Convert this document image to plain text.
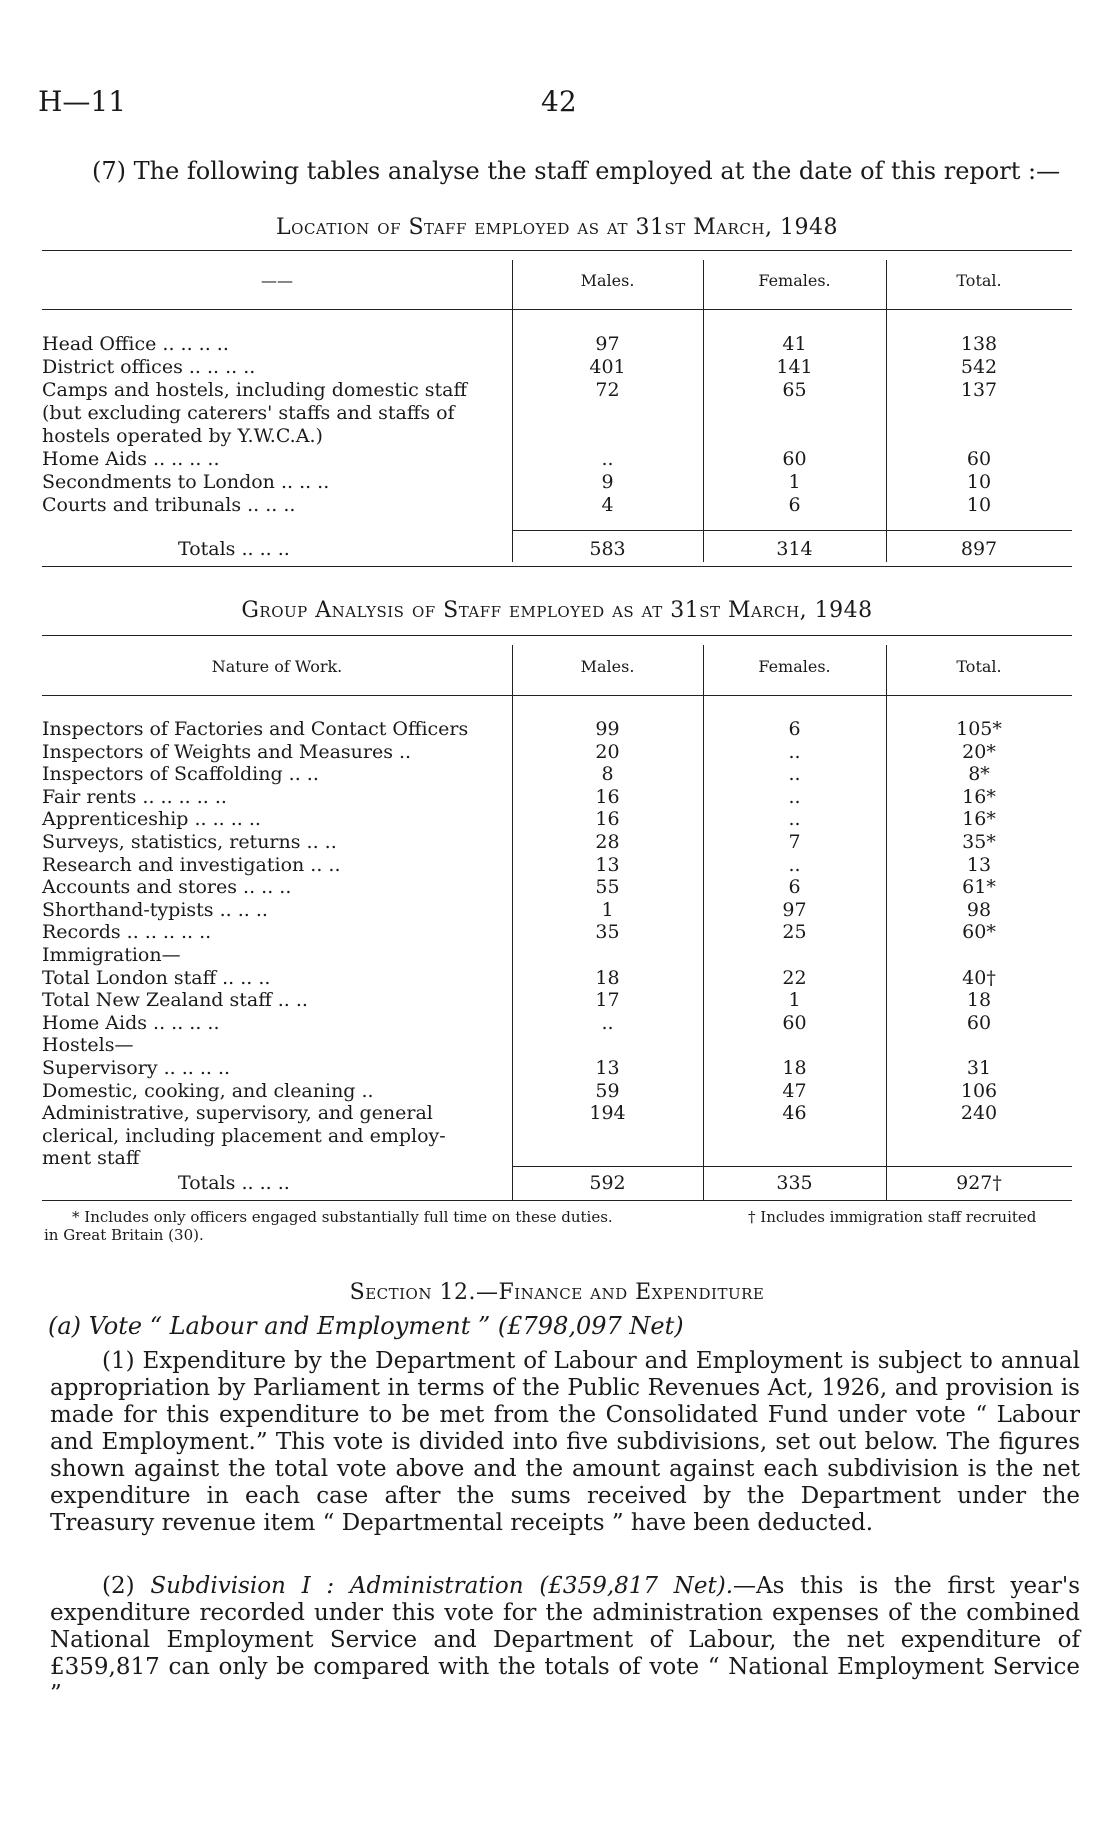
H—11	42
(7) The following tables analyse the staff employed at the date of this report :—
Location of Staff employed as at 31st March, 1948
——	Males.	Females.	Total.
Head Office .. .. .. ..	97	41	138
District offices .. .. .. ..	401	141	542
Camps and hostels, including domestic staff	72	65	137
(but excluding caterers' staffs and staffs of
hostels operated by Y.W.C.A.)
Home Aids .. .. .. ..	..	60	60
Secondments to London .. .. ..	9	1	10
Courts and tribunals .. .. ..	4	6	10
Totals .. .. ..	583	314	897
Group Analysis of Staff employed as at 31st March, 1948
Nature of Work.	Males.	Females.	Total.
Inspectors of Factories and Contact Officers	99	6	105*
Inspectors of Weights and Measures ..	20	..	20*
Inspectors of Scaffolding .. ..	8	..	8*
Fair rents .. .. .. .. ..	16	..	16*
Apprenticeship .. .. .. ..	16	..	16*
Surveys, statistics, returns .. ..	28	7	35*
Research and investigation .. ..	13	..	13
Accounts and stores .. .. ..	55	6	61*
Shorthand-typists .. .. ..	1	97	98
Records .. .. .. .. ..	35	25	60*
Immigration—
Total London staff .. .. ..	18	22	40†
Total New Zealand staff .. ..	17	1	18
Home Aids .. .. .. ..	..	60	60
Hostels—
Supervisory .. .. .. ..	13	18	31
Domestic, cooking, and cleaning ..	59	47	106
Administrative, supervisory, and general	194	46	240
clerical, including placement and employ-
ment staff
Totals .. .. ..	592	335	927†
* Includes only officers engaged substantially full time on these duties.	† Includes immigration staff recruited
in Great Britain (30).
Section 12.—Finance and Expenditure
(a) Vote “ Labour and Employment ” (£798,097 Net)
(1) Expenditure by the Department of Labour and Employment is subject to annual appropriation by Parliament in terms of the Public Revenues Act, 1926, and provision is made for this expenditure to be met from the Consolidated Fund under vote “ Labour and Employment.” This vote is divided into five subdivisions, set out below. The figures shown against the total vote above and the amount against each subdivision is the net expenditure in each case after the sums received by the Department under the Treasury revenue item “ Departmental receipts ” have been deducted.
(2) Subdivision I : Administration (£359,817 Net).—As this is the first year's expenditure recorded under this vote for the administration expenses of the combined National Employment Service and Department of Labour, the net expenditure of £359,817 can only be compared with the totals of vote “ National Employment Service ”
